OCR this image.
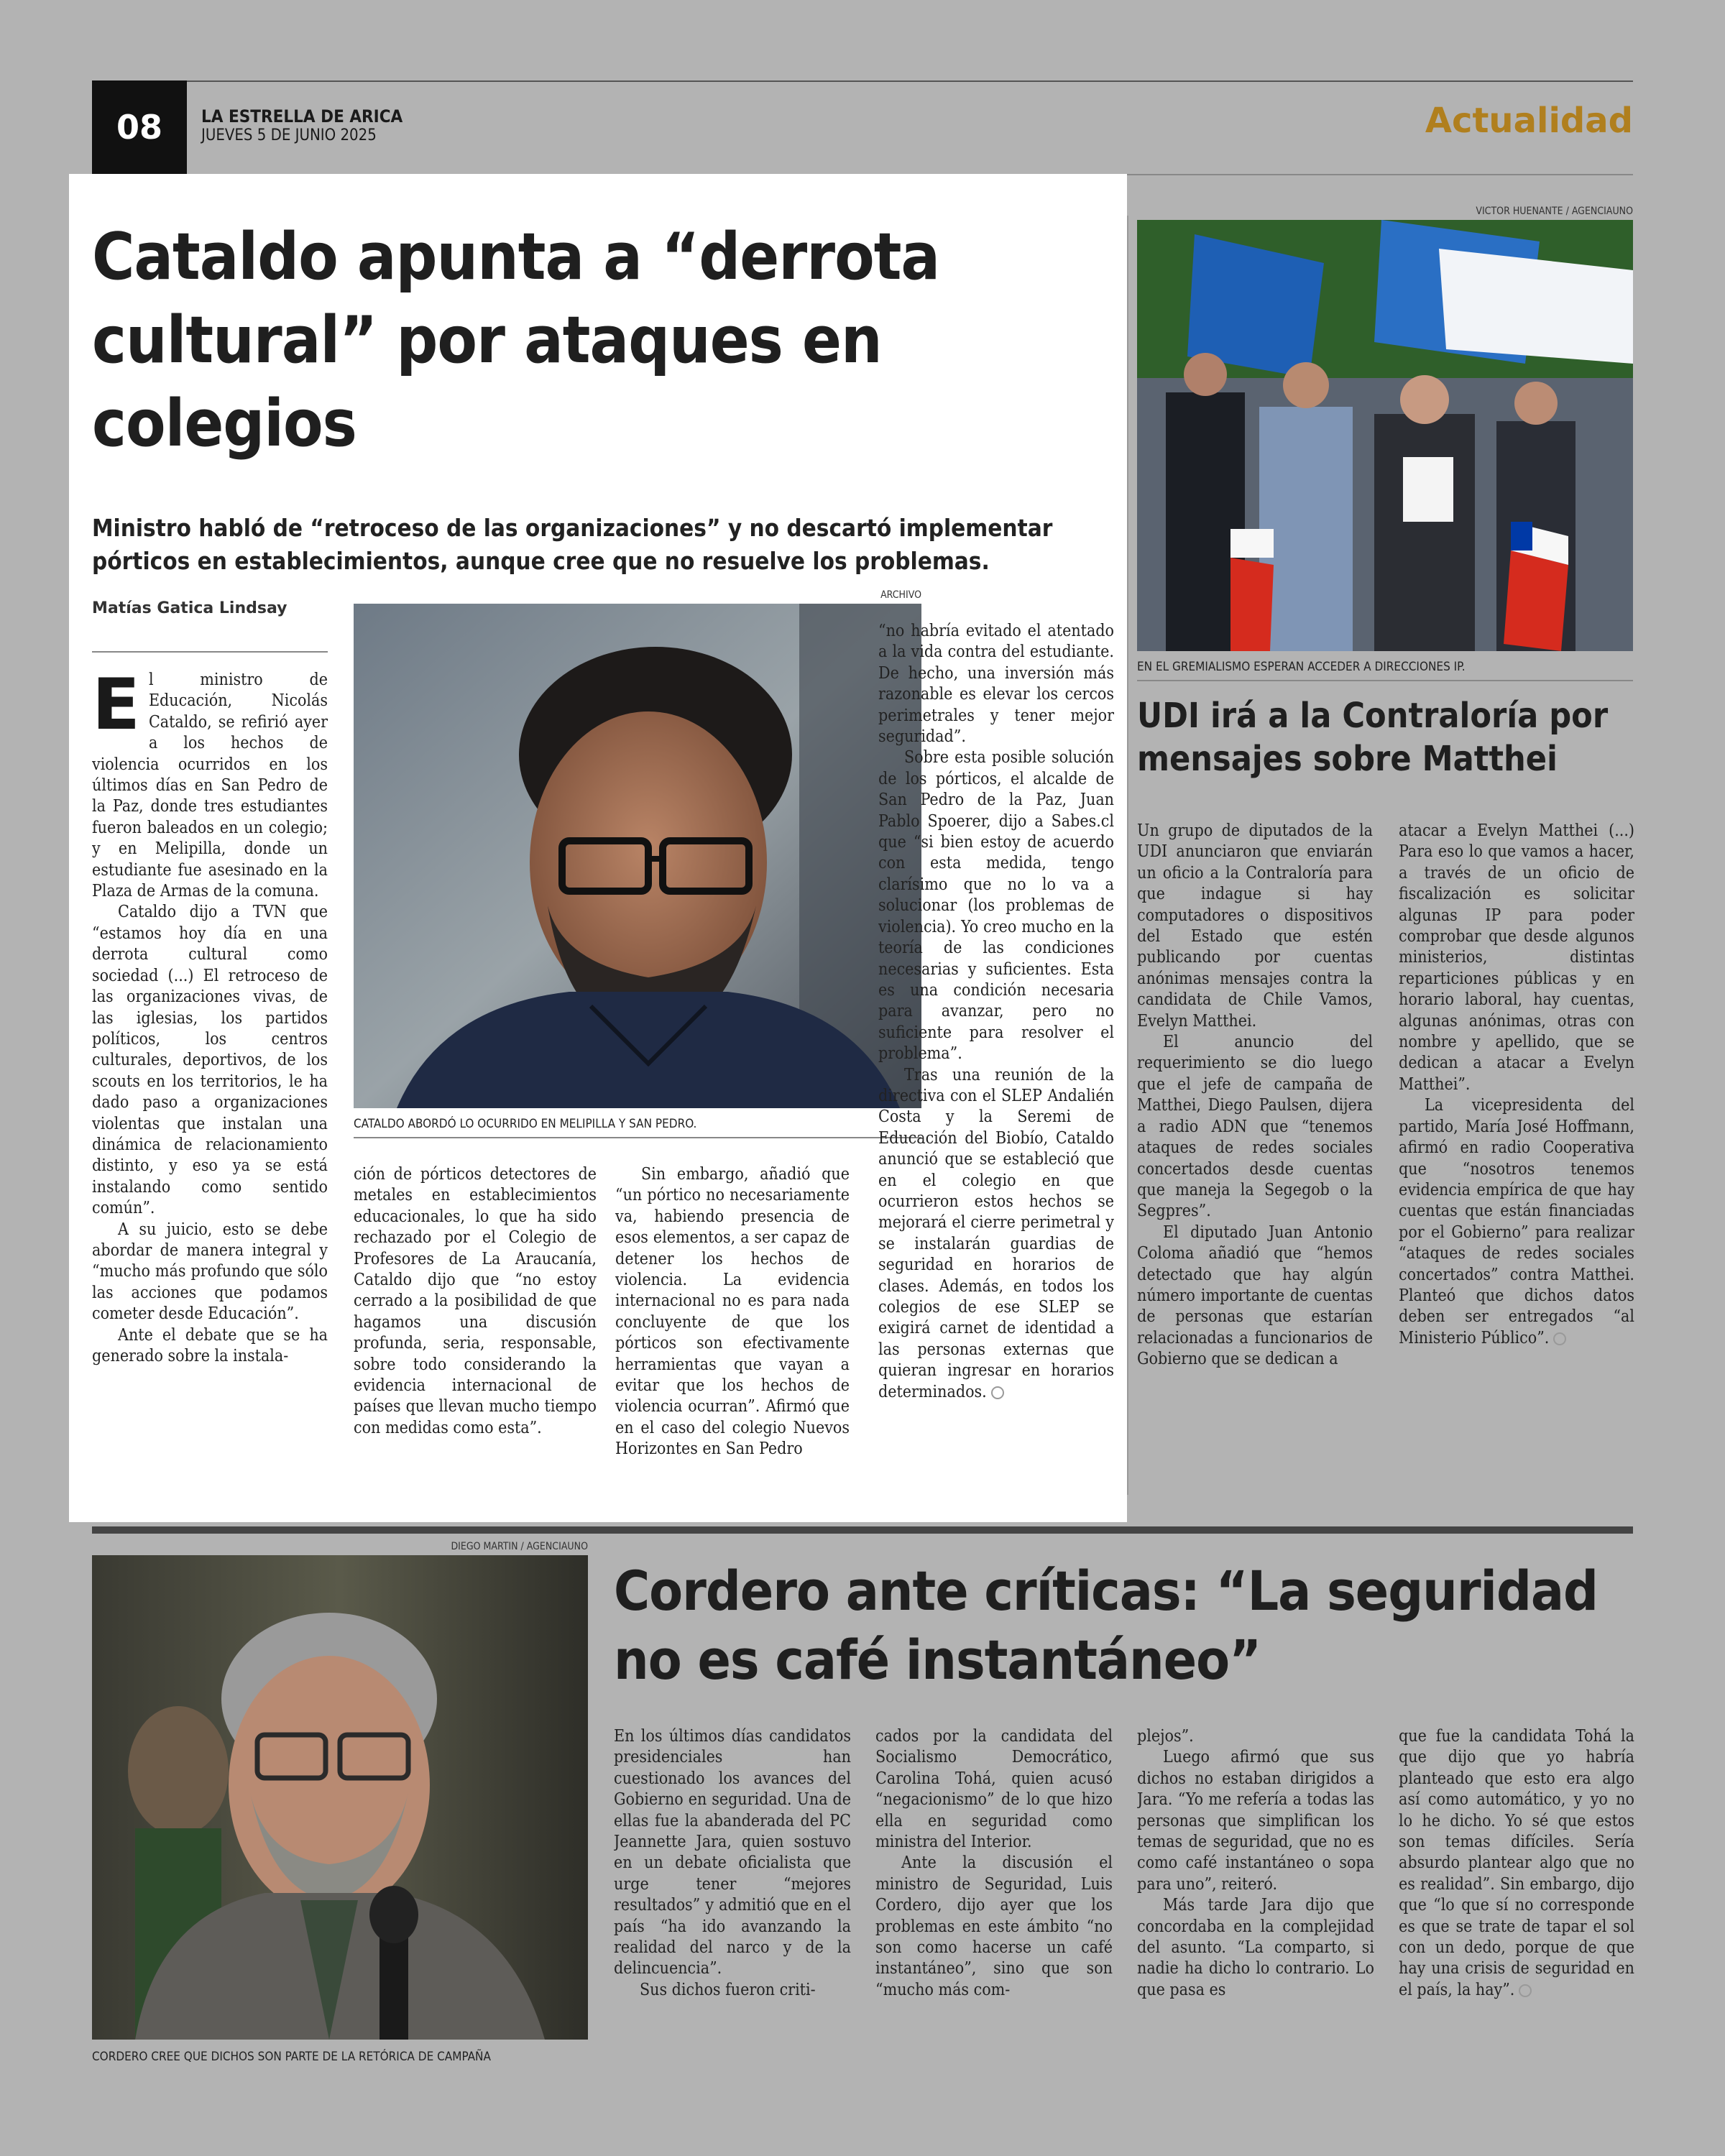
08	LA ESTRELLA DE ARICA
JUEVES 5 DE JUNIO 2025	Actualidad
Cataldo apunta a “derrota cultural” por ataques en colegios
Ministro habló de “retroceso de las organizaciones” y no descartó implementar pórticos en establecimientos, aunque cree que no resuelve los problemas.
Matías Gatica Lindsay
ARCHIVO
CATALDO ABORDÓ LO OCURRIDO EN MELIPILLA Y SAN PEDRO.

El ministro de Educación, Nicolás Cataldo, se refirió ayer a los hechos de violencia ocurridos en los últimos días en San Pedro de la Paz, donde tres estudiantes fueron baleados en un colegio; y en Melipilla, donde un estudiante fue asesinado en la Plaza de Armas de la comuna.

Cataldo dijo a TVN que “estamos hoy día en una derrota cultural como sociedad (...) El retroceso de las organizaciones vivas, de las iglesias, los partidos políticos, los centros culturales, deportivos, de los scouts en los territorios, le ha dado paso a organizaciones violentas que instalan una dinámica de relacionamiento distinto, y eso ya se está instalando como sentido común”.

A su juicio, esto se debe abordar de manera integral y “mucho más profundo que sólo las acciones que podamos cometer desde Educación”.

Ante el debate que se ha generado sobre la instala-

ción de pórticos detectores de metales en establecimientos educacionales, lo que ha sido rechazado por el Colegio de Profesores de La Araucanía, Cataldo dijo que “no estoy cerrado a la posibilidad de que hagamos una discusión profunda, seria, responsable, sobre todo considerando la evidencia internacional de países que llevan mucho tiempo con medidas como esta”.

Sin embargo, añadió que “un pórtico no necesariamente va, habiendo presencia de esos elementos, a ser capaz de detener los hechos de violencia. La evidencia internacional no es para nada concluyente de que los pórticos son efectivamente herramientas que vayan a evitar que los hechos de violencia ocurran”. Afirmó que en el caso del colegio Nuevos Horizontes en San Pedro

“no habría evitado el atentado a la vida contra del estudiante. De hecho, una inversión más razonable es elevar los cercos perimetrales y tener mejor seguridad”.

Sobre esta posible solución de los pórticos, el alcalde de San Pedro de la Paz, Juan Pablo Spoerer, dijo a Sabes.cl que “si bien estoy de acuerdo con esta medida, tengo clarísimo que no lo va a solucionar (los problemas de violencia). Yo creo mucho en la teoría de las condiciones necesarias y suficientes. Esta es una condición necesaria para avanzar, pero no suficiente para resolver el problema”.

Tras una reunión de la directiva con el SLEP Andalién Costa y la Seremi de Educación del Biobío, Cataldo anunció que se estableció que en el colegio en que ocurrieron estos hechos se mejorará el cierre perimetral y se instalarán guardias de seguridad en horarios de clases. Además, en todos los colegios de ese SLEP se exigirá carnet de identidad a las personas externas que quieran ingresar en horarios determinados.

VICTOR HUENANTE / AGENCIAUNO
EN EL GREMIALISMO ESPERAN ACCEDER A DIRECCIONES IP.
UDI irá a la Contraloría por mensajes sobre Matthei

Un grupo de diputados de la UDI anunciaron que enviarán un oficio a la Contraloría para que indague si hay computadores o dispositivos del Estado que estén publicando por cuentas anónimas mensajes contra la candidata de Chile Vamos, Evelyn Matthei.

El anuncio del requerimiento se dio luego que el jefe de campaña de Matthei, Diego Paulsen, dijera a radio ADN que “tenemos ataques de redes sociales concertados desde cuentas que maneja la Segegob o la Segpres”.

El diputado Juan Antonio Coloma añadió que “hemos detectado que hay algún número importante de cuentas de personas que estarían relacionadas a funcionarios de Gobierno que se dedican a

atacar a Evelyn Matthei (...) Para eso lo que vamos a hacer, a través de un oficio de fiscalización es solicitar algunas IP para poder comprobar que desde algunos ministerios, distintas reparticiones públicas y en horario laboral, hay cuentas, algunas anónimas, otras con nombre y apellido, que se dedican a atacar a Evelyn Matthei”.

La vicepresidenta del partido, María José Hoffmann, afirmó en radio Cooperativa que “nosotros tenemos evidencia empírica de que hay cuentas que están financiadas por el Gobierno” para realizar “ataques de redes sociales concertados” contra Matthei. Planteó que dichos datos deben ser entregados “al Ministerio Público”.

DIEGO MARTIN / AGENCIAUNO
CORDERO CREE QUE DICHOS SON PARTE DE LA RETÓRICA DE CAMPAÑA
Cordero ante críticas: “La seguridad no es café instantáneo”

En los últimos días candidatos presidenciales han cuestionado los avances del Gobierno en seguridad. Una de ellas fue la abanderada del PC Jeannette Jara, quien sostuvo en un debate oficialista que urge tener “mejores resultados” y admitió que en el país “ha ido avanzando la realidad del narco y de la delincuencia”.

Sus dichos fueron criti-

cados por la candidata del Socialismo Democrático, Carolina Tohá, quien acusó “negacionismo” de lo que hizo ella en seguridad como ministra del Interior.

Ante la discusión el ministro de Seguridad, Luis Cordero, dijo ayer que los problemas en este ámbito “no son como hacerse un café instantáneo”, sino que son “mucho más com-

plejos”.

Luego afirmó que sus dichos no estaban dirigidos a Jara. “Yo me refería a todas las personas que simplifican los temas de seguridad, que no es como café instantáneo o sopa para uno”, reiteró.

Más tarde Jara dijo que concordaba en la complejidad del asunto. “La comparto, si nadie ha dicho lo contrario. Lo que pasa es

que fue la candidata Tohá la que dijo que yo habría planteado que esto era algo así como automático, y yo no lo he dicho. Yo sé que estos son temas difíciles. Sería absurdo plantear algo que no es realidad”. Sin embargo, dijo que “lo que sí no corresponde es que se trate de tapar el sol con un dedo, porque de que hay una crisis de seguridad en el país, la hay”.
